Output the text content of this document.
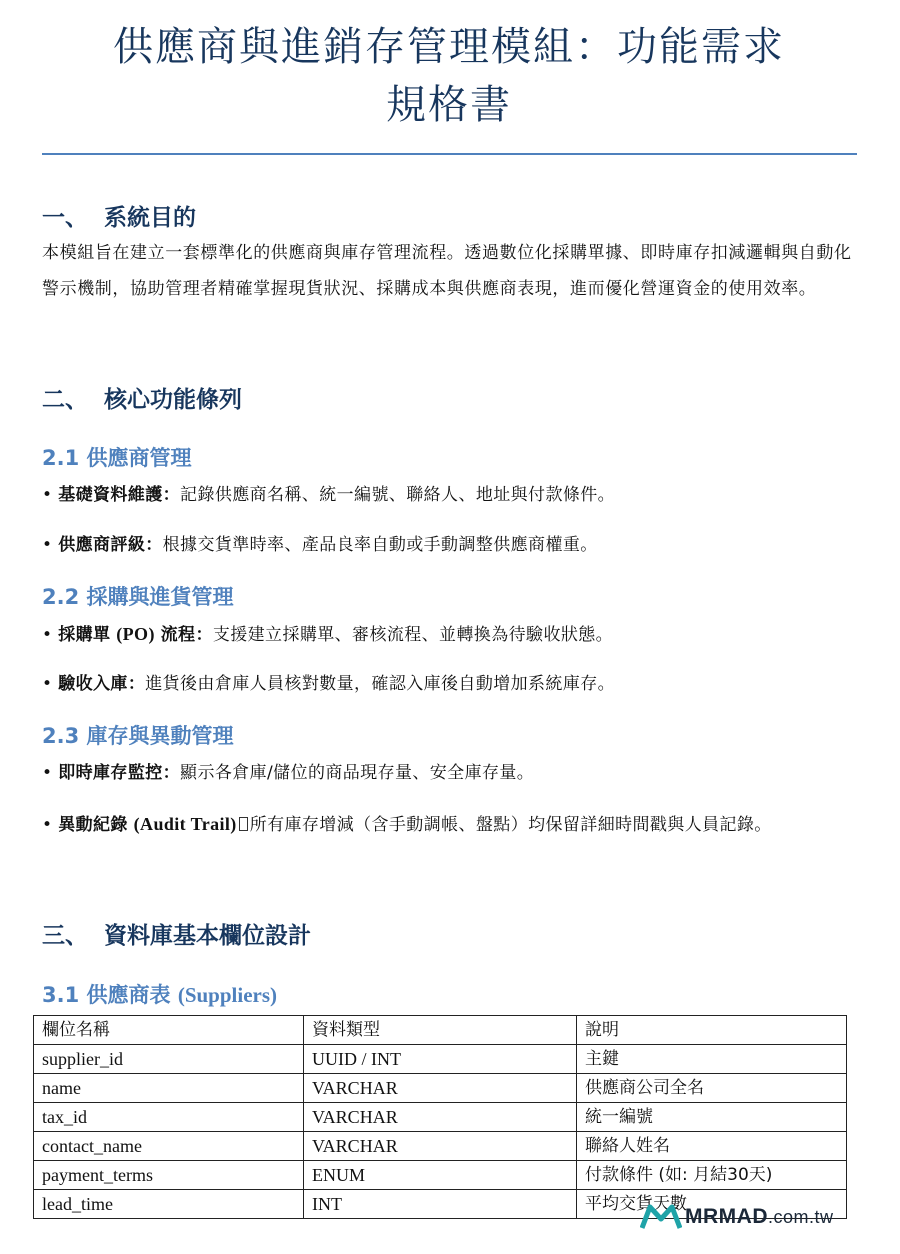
供應商與進銷存管理模組：功能需求
規格書
一、 系統目的

本模組旨在建立一套標準化的供應商與庫存管理流程。透過數位化採購單據、即時庫存扣減邏輯與自動化警示機制，協助管理者精確掌握現貨狀況、採購成本與供應商表現，進而優化營運資金的使用效率。

二、 核心功能條列
2.1 供應商管理

• 基礎資料維護：記錄供應商名稱、統一編號、聯絡人、地址與付款條件。

• 供應商評級：根據交貨準時率、產品良率自動或手動調整供應商權重。

2.2 採購與進貨管理

• 採購單 (PO) 流程：支援建立採購單、審核流程、並轉換為待驗收狀態。

• 驗收入庫：進貨後由倉庫人員核對數量，確認入庫後自動增加系統庫存。

2.3 庫存與異動管理

• 即時庫存監控：顯示各倉庫/儲位的商品現存量、安全庫存量。

• 異動紀錄 (Audit Trail) 所有庫存增減（含手動調帳、盤點）均保留詳細時間戳與人員記錄。

三、 資料庫基本欄位設計
3.1 供應商表 (Suppliers)
欄位名稱	資料類型	說明
supplier_id	UUID / INT	主鍵
name	VARCHAR	供應商公司全名
tax_id	VARCHAR	統一編號
contact_name	VARCHAR	聯絡人姓名
payment_terms	ENUM	付款條件 (如: 月結30天)
lead_time	INT	平均交貨天數
MRMAD.com.tw
